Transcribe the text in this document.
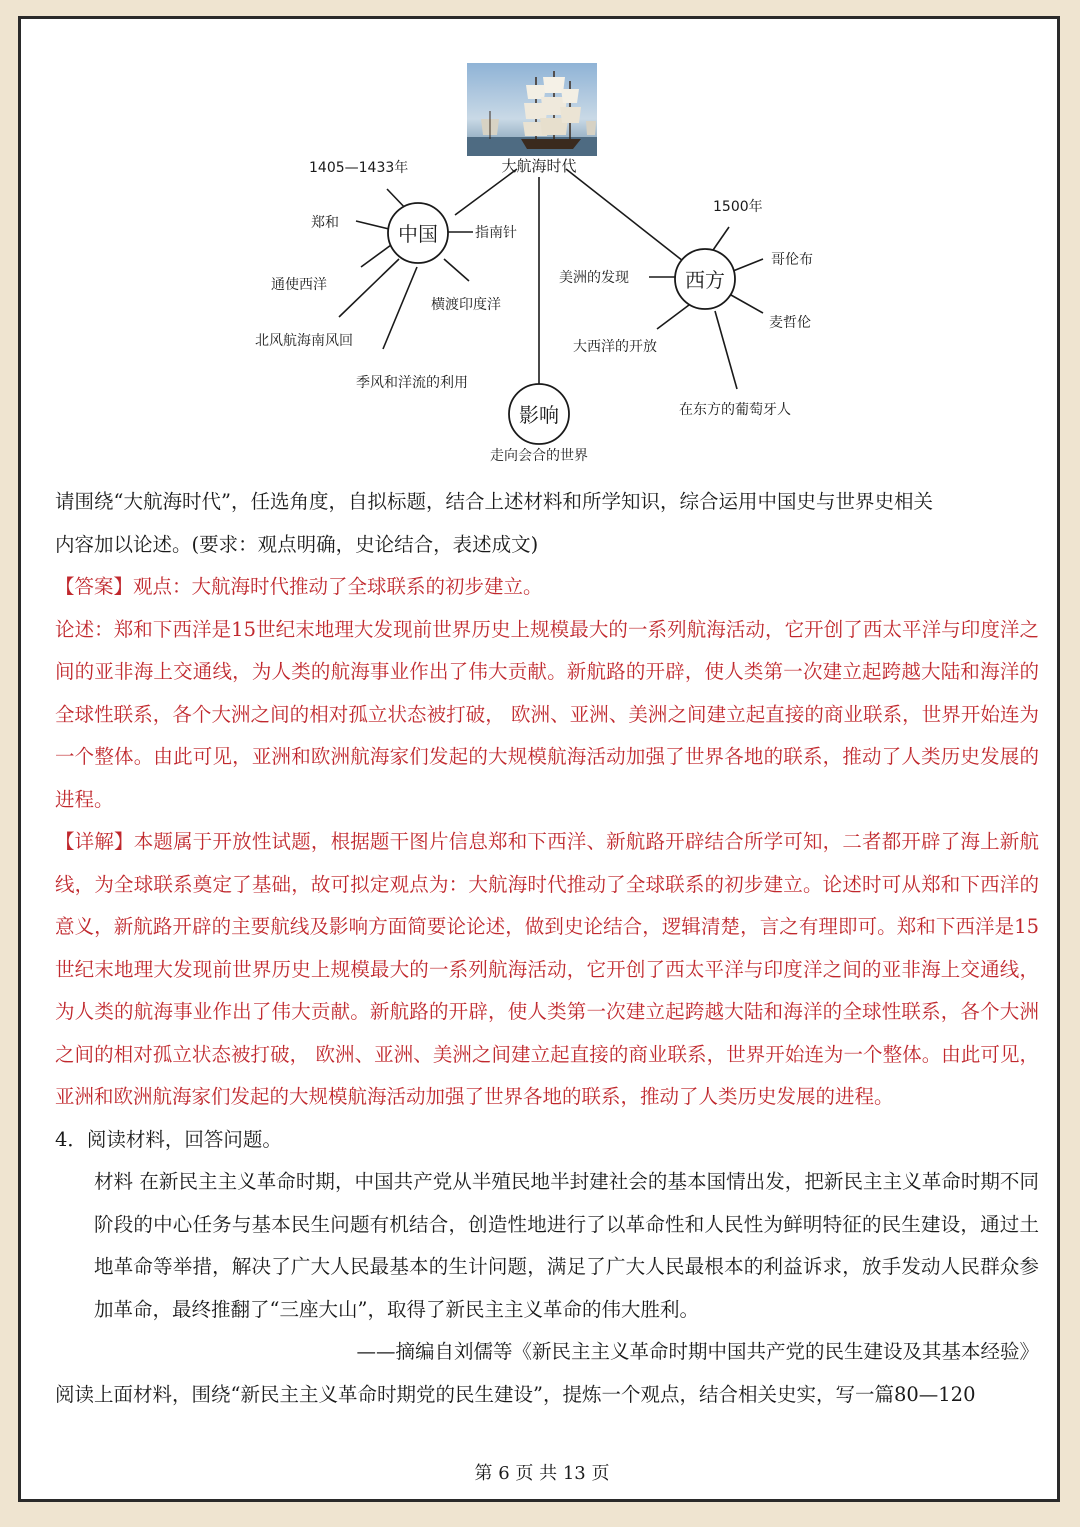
大航海时代
中国
西方
影响
1405—1433年
郑和
通使西洋
北风航海南风回
季风和洋流的利用
横渡印度洋
指南针
1500年
哥伦布
麦哲伦
在东方的葡萄牙人
大西洋的开放
美洲的发现
走向会合的世界

请围绕“大航海时代”，任选角度，自拟标题，结合上述材料和所学知识，综合运用中国史与世界史相关

内容加以论述。(要求：观点明确，史论结合，表述成文)

【答案】观点：大航海时代推动了全球联系的初步建立。

论述：郑和下西洋是15世纪末地理大发现前世界历史上规模最大的一系列航海活动，它开创了西太平洋与印度洋之间的亚非海上交通线，为人类的航海事业作出了伟大贡献。新航路的开辟，使人类第一次建立起跨越大陆和海洋的全球性联系，各个大洲之间的相对孤立状态被打破， 欧洲、亚洲、美洲之间建立起直接的商业联系，世界开始连为一个整体。由此可见，亚洲和欧洲航海家们发起的大规模航海活动加强了世界各地的联系，推动了人类历史发展的进程。

【详解】本题属于开放性试题，根据题干图片信息郑和下西洋、新航路开辟结合所学可知，二者都开辟了海上新航线，为全球联系奠定了基础，故可拟定观点为：大航海时代推动了全球联系的初步建立。论述时可从郑和下西洋的意义，新航路开辟的主要航线及影响方面简要论论述，做到史论结合，逻辑清楚，言之有理即可。郑和下西洋是15世纪末地理大发现前世界历史上规模最大的一系列航海活动，它开创了西太平洋与印度洋之间的亚非海上交通线，为人类的航海事业作出了伟大贡献。新航路的开辟，使人类第一次建立起跨越大陆和海洋的全球性联系，各个大洲之间的相对孤立状态被打破， 欧洲、亚洲、美洲之间建立起直接的商业联系，世界开始连为一个整体。由此可见，亚洲和欧洲航海家们发起的大规模航海活动加强了世界各地的联系，推动了人类历史发展的进程。

4．阅读材料，回答问题。

材料 在新民主主义革命时期，中国共产党从半殖民地半封建社会的基本国情出发，把新民主主义革命时期不同阶段的中心任务与基本民生问题有机结合，创造性地进行了以革命性和人民性为鲜明特征的民生建设，通过土地革命等举措，解决了广大人民最基本的生计问题，满足了广大人民最根本的利益诉求，放手发动人民群众参加革命，最终推翻了“三座大山”，取得了新民主主义革命的伟大胜利。

——摘编自刘儒等《新民主主义革命时期中国共产党的民生建设及其基本经验》

阅读上面材料，围绕“新民主主义革命时期党的民生建设”，提炼一个观点，结合相关史实，写一篇80—120

第 6 页 共 13 页
